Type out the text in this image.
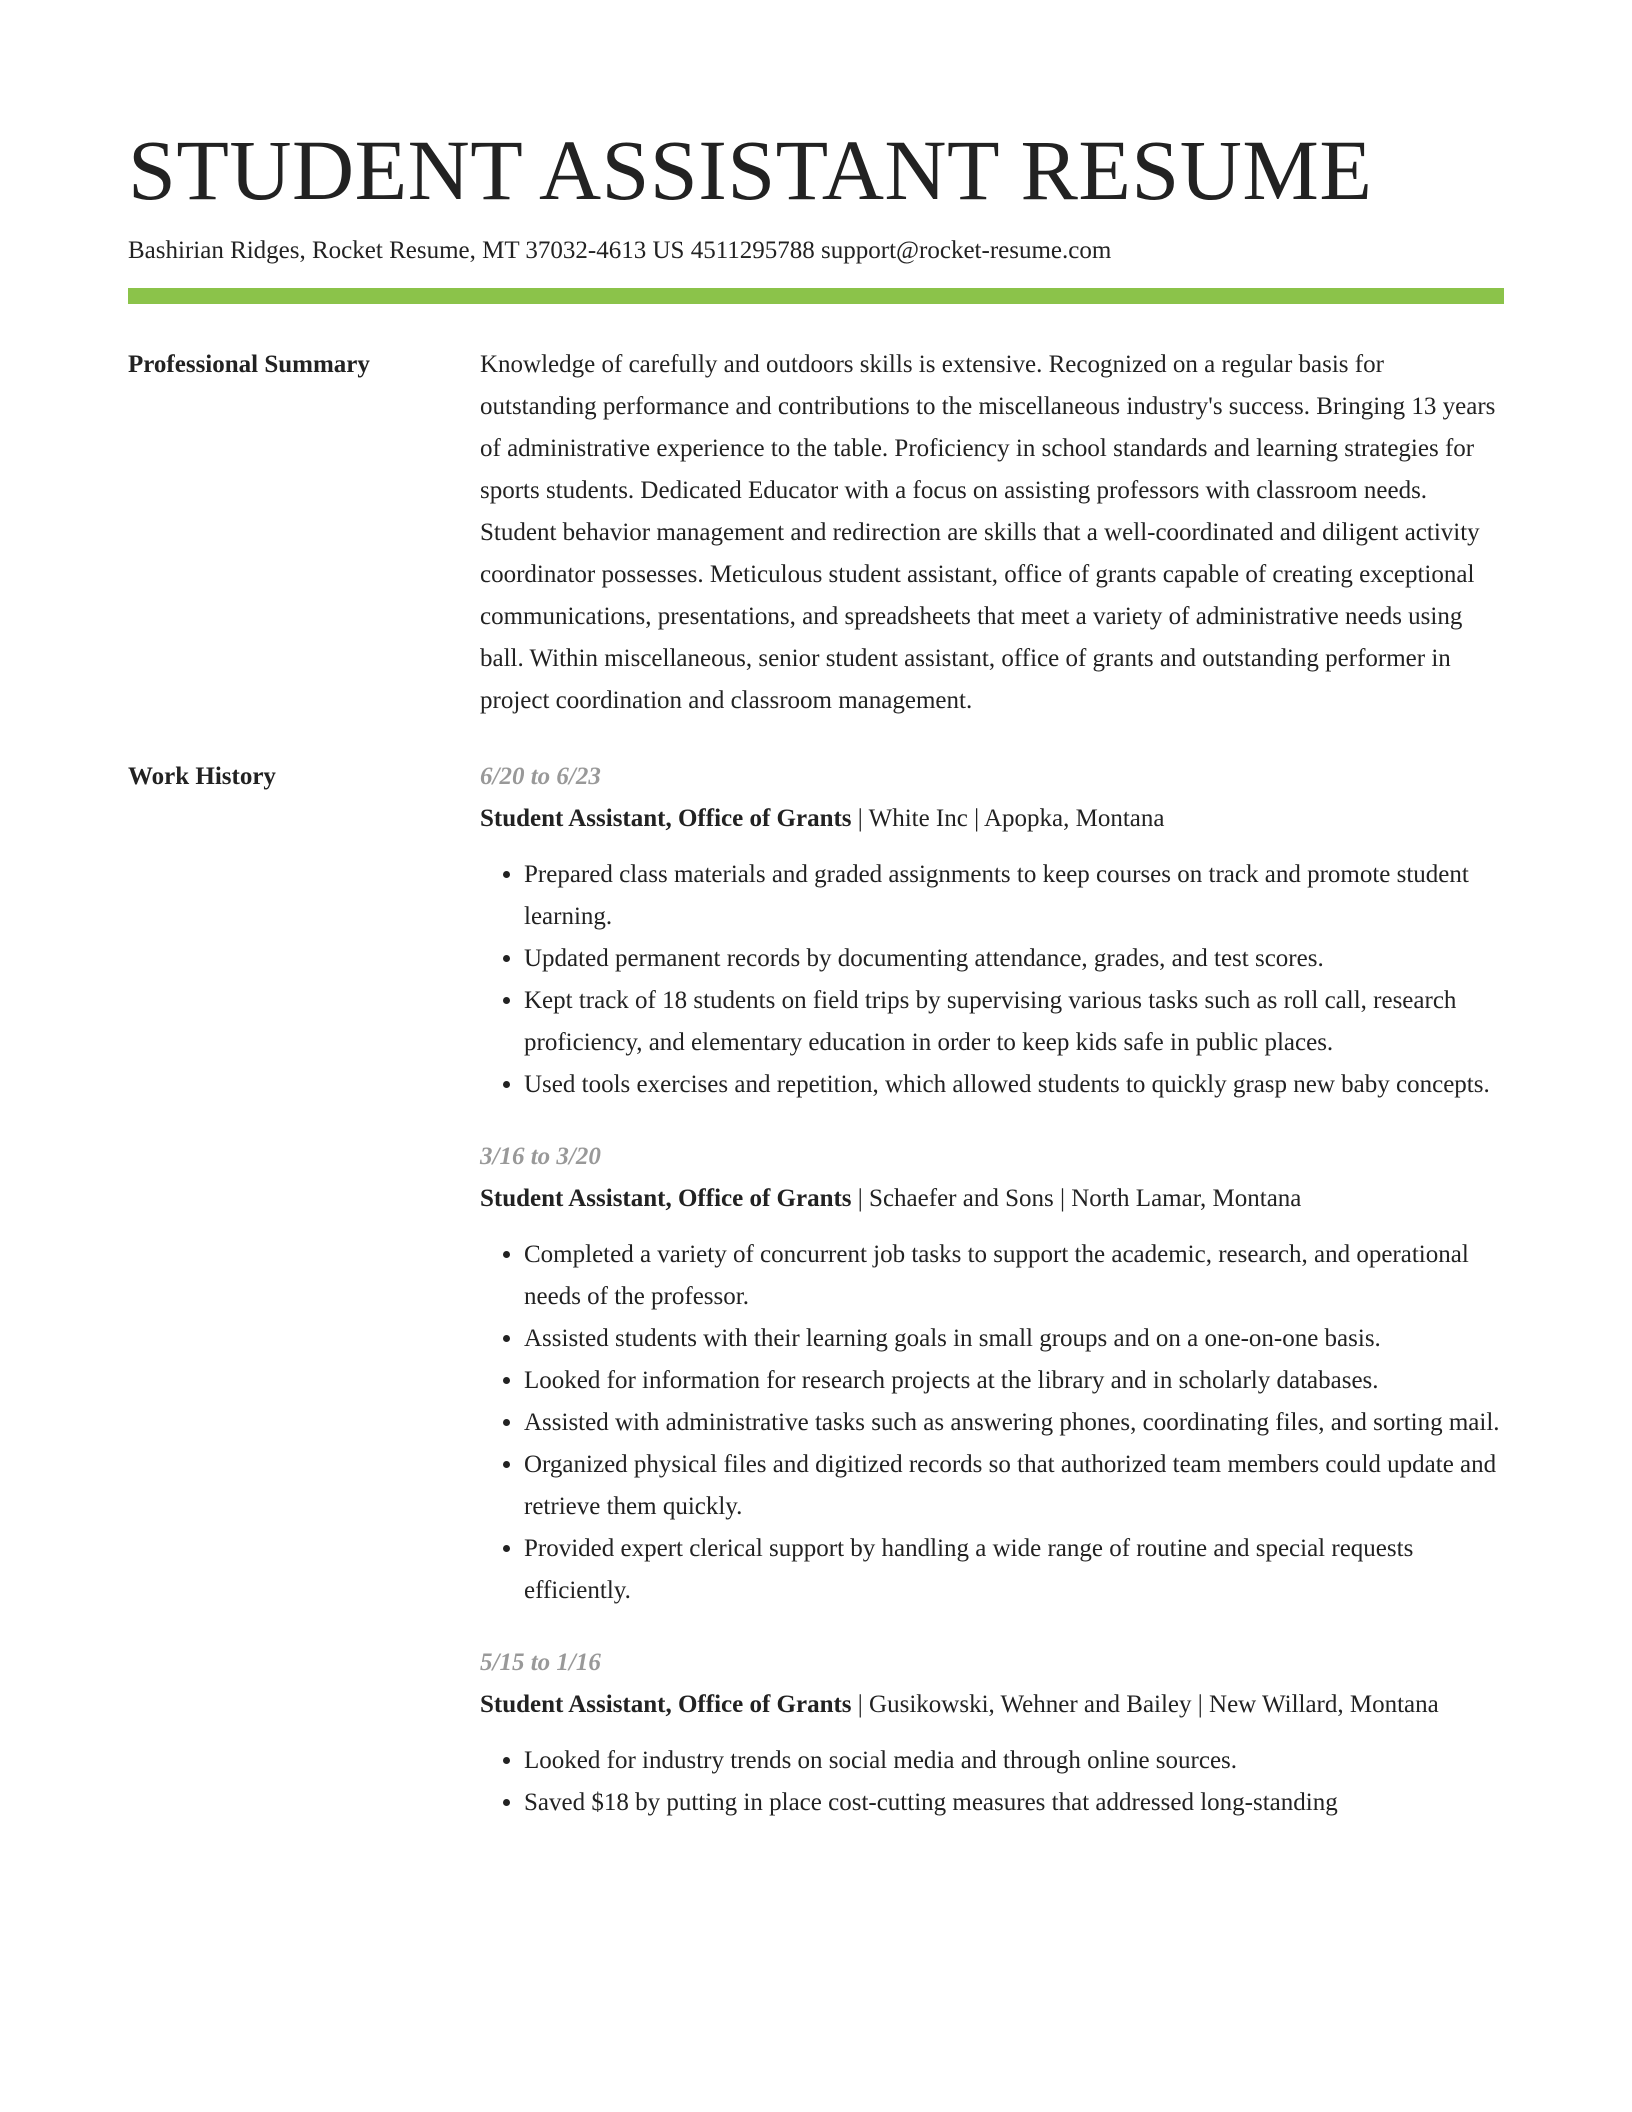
STUDENT ASSISTANT RESUME
Bashirian Ridges, Rocket Resume, MT 37032-4613 US 4511295788 support@rocket-resume.com
Professional Summary	Knowledge of carefully and outdoors skills is extensive. Recognized on a regular basis for outstanding performance and contributions to the miscellaneous industry's success. Bringing 13 years of administrative experience to the table. Proficiency in school standards and learning strategies for sports students. Dedicated Educator with a focus on assisting professors with classroom needs. Student behavior management and redirection are skills that a well-coordinated and diligent activity coordinator possesses. Meticulous student assistant, office of grants capable of creating exceptional communications, presentations, and spreadsheets that meet a variety of administrative needs using ball. Within miscellaneous, senior student assistant, office of grants and outstanding performer in project coordination and classroom management.

Work History	6/20 to 6/23
Student Assistant, Office of Grants | White Inc | Apopka, Montana
• Prepared class materials and graded assignments to keep courses on track and promote student learning.
• Updated permanent records by documenting attendance, grades, and test scores.
• Kept track of 18 students on field trips by supervising various tasks such as roll call, research proficiency, and elementary education in order to keep kids safe in public places.
• Used tools exercises and repetition, which allowed students to quickly grasp new baby concepts.
3/16 to 3/20
Student Assistant, Office of Grants | Schaefer and Sons | North Lamar, Montana
• Completed a variety of concurrent job tasks to support the academic, research, and operational needs of the professor.
• Assisted students with their learning goals in small groups and on a one-on-one basis.
• Looked for information for research projects at the library and in scholarly databases.
• Assisted with administrative tasks such as answering phones, coordinating files, and sorting mail.
• Organized physical files and digitized records so that authorized team members could update and retrieve them quickly.
• Provided expert clerical support by handling a wide range of routine and special requests efficiently.
5/15 to 1/16
Student Assistant, Office of Grants | Gusikowski, Wehner and Bailey | New Willard, Montana
• Looked for industry trends on social media and through online sources.
• Saved $18 by putting in place cost-cutting measures that addressed long-standing
